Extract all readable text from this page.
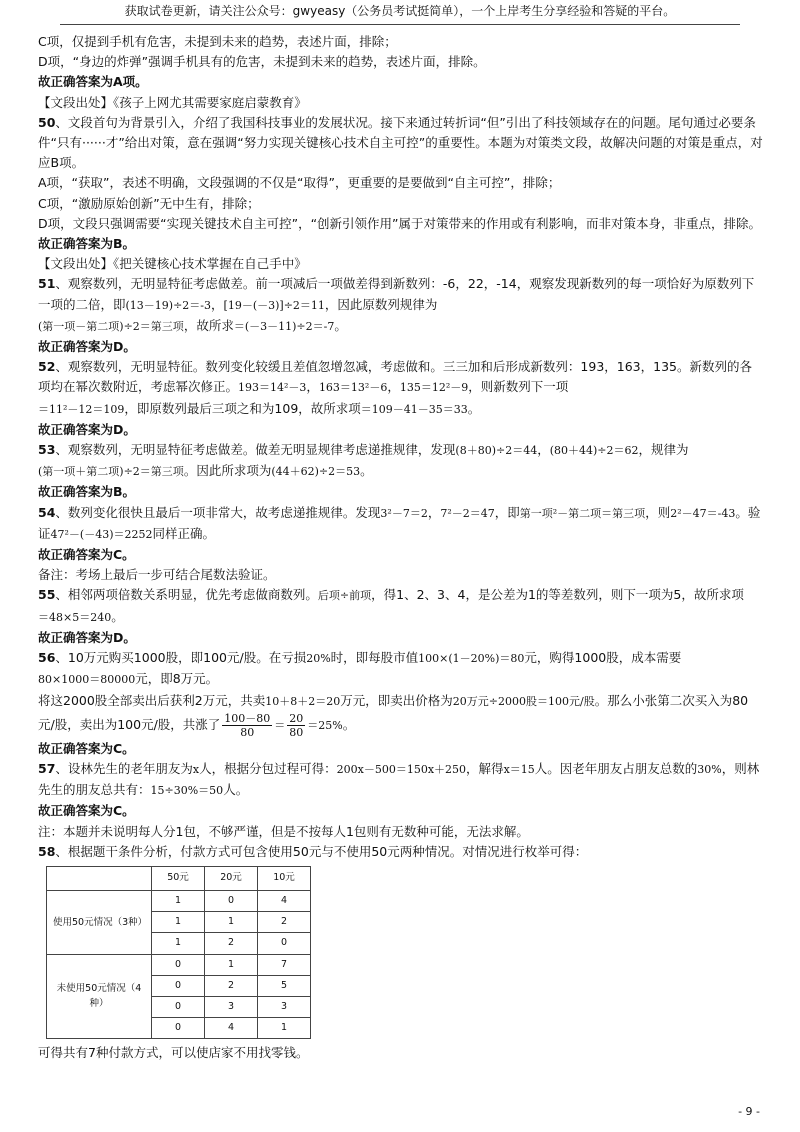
获取试卷更新，请关注公众号：gwyeasy（公务员考试挺简单），一个上岸考生分享经验和答疑的平台。

C项，仅提到手机有危害，未提到未来的趋势，表述片面，排除；

D项，“身边的炸弹”强调手机具有的危害，未提到未来的趋势，表述片面，排除。

故正确答案为A项。

【文段出处】《孩子上网尤其需要家庭启蒙教育》

50、文段首句为背景引入，介绍了我国科技事业的发展状况。接下来通过转折词“但”引出了科技领域存在的问题。尾句通过必要条件“只有······才”给出对策，意在强调“努力实现关键核心技术自主可控”的重要性。本题为对策类文段，故解决问题的对策是重点，对应B项。

A项，“获取”，表述不明确，文段强调的不仅是“取得”，更重要的是要做到“自主可控”，排除；

C项，“激励原始创新”无中生有，排除；

D项，文段只强调需要“实现关键技术自主可控”，“创新引领作用”属于对策带来的作用或有利影响，而非对策本身，非重点，排除。

故正确答案为B。

【文段出处】《把关键核心技术掌握在自己手中》

51、观察数列，无明显特征考虑做差。前一项减后一项做差得到新数列：-6，22，-14，观察发现新数列的每一项恰好为原数列下一项的二倍，即(13－19)÷2＝-3，[19－(－3)]÷2＝11，因此原数列规律为
(第一项－第二项)÷2＝第三项，故所求＝(－3－11)÷2＝-7。

故正确答案为D。

52、观察数列，无明显特征。数列变化较缓且差值忽增忽减，考虑做和。三三加和后形成新数列：193，163，135。新数列的各项均在幂次数附近，考虑幂次修正。193＝14²－3，163＝13²－6，135＝12²－9，则新数列下一项
＝11²－12＝109，即原数列最后三项之和为109，故所求项＝109－41－35＝33。

故正确答案为D。

53、观察数列，无明显特征考虑做差。做差无明显规律考虑递推规律，发现(8＋80)÷2＝44，(80＋44)÷2＝62，规律为(第一项＋第二项)÷2＝第三项。因此所求项为(44＋62)÷2＝53。

故正确答案为B。

54、数列变化很快且最后一项非常大，故考虑递推规律。发现3²－7＝2，7²－2＝47，即第一项²－第二项＝第三项，则2²－47＝-43。验证47²－(－43)＝2252同样正确。

故正确答案为C。

备注：考场上最后一步可结合尾数法验证。

55、相邻两项倍数关系明显，优先考虑做商数列。后项÷前项，得1、2、3、4，是公差为1的等差数列，则下一项为5，故所求项＝48×5＝240。

故正确答案为D。

56、10万元购买1000股，即100元/股。在亏损20%时，即每股市值100×(1－20%)＝80元，购得1000股，成本需要80×1000＝80000元，即8万元。

将这2000股全部卖出后获利2万元，共卖10＋8＋2＝20万元，即卖出价格为20万元÷2000股＝100元/股。那么小张第二次买入为80元/股，卖出为100元/股，共涨了 $\frac{100-80}{80} = \frac{20}{80} =25\%$。

故正确答案为C。

57、设林先生的老年朋友为x人，根据分包过程可得：200x－500＝150x＋250，解得x＝15人。因老年朋友占朋友总数的30%，则林先生的朋友总共有：15÷30%＝50人。

故正确答案为C。

注：本题并未说明每人分1包，不够严谨，但是不按每人1包则有无数种可能，无法求解。

58、根据题干条件分析，付款方式可包含使用50元与不使用50元两种情况。对情况进行枚举可得：

	50元	20元	10元
使用50元情况（3种）	1	0	4
	1	1	2
	1	2	0
未使用50元情况（4种）	0	1	7
	0	2	5
	0	3	3
	0	4	1

可得共有7种付款方式，可以使店家不用找零钱。

- 9 -
